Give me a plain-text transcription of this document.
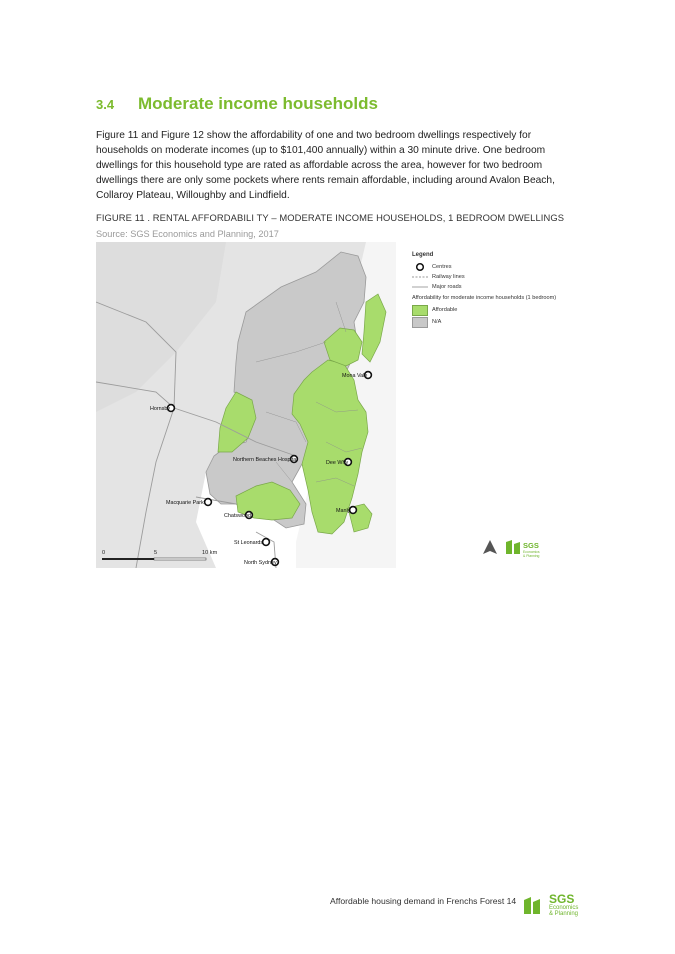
3.4	Moderate income households

Figure 11 and Figure 12 show the affordability of one and two bedroom dwellings respectively for households on moderate incomes (up to $101,400 annually) within a 30 minute drive. One bedroom dwellings for this household type are rated as affordable across the area, however for two bedroom dwellings there are only some pockets where rents remain affordable, including around Avalon Beach, Collaroy Plateau, Willoughby and Lindfield.

FIGURE 11 . RENTAL AFFORDABILI TY – MODERATE INCOME HOUSEHOLDS, 1 BEDROOM DWELLINGS
Source: SGS Economics and Planning, 2017
Mona Vale
Hornsby
Northern Beaches Hospital	Dee Why
Macquarie Park
Chatswood
Manly
St Leonards
North Sydney
0	5	10 km
SGS
Economics
& Planning
Legend
Centres
Railway lines
Major roads
Affordability for moderate income households (1 bedroom)
Affordable
N/A
Affordable housing demand in Frenchs Forest 14	SGS
Economics
& Planning
